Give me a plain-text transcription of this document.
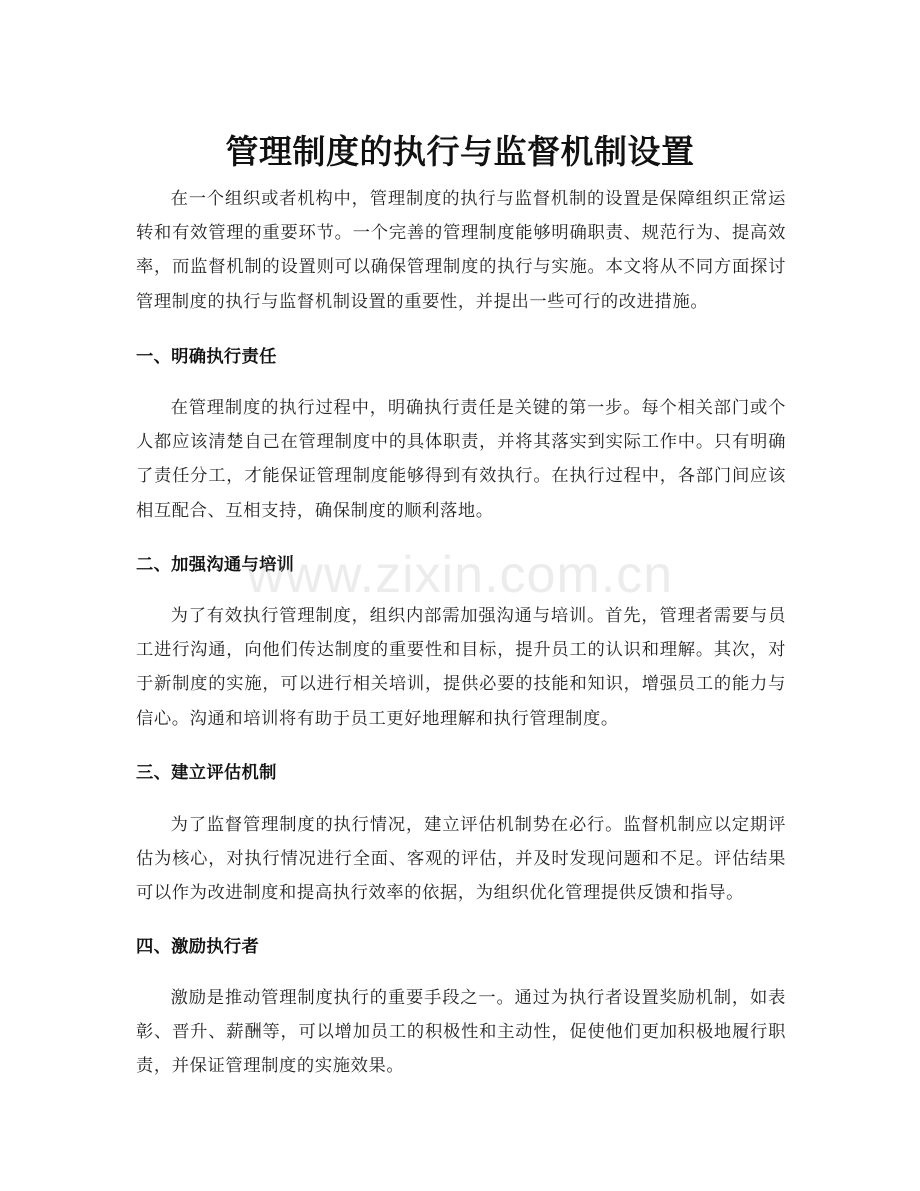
管理制度的执行与监督机制设置

在一个组织或者机构中，管理制度的执行与监督机制的设置是保障组织正常运转和有效管理的重要环节。一个完善的管理制度能够明确职责、规范行为、提高效率，而监督机制的设置则可以确保管理制度的执行与实施。本文将从不同方面探讨管理制度的执行与监督机制设置的重要性，并提出一些可行的改进措施。

一、明确执行责任

在管理制度的执行过程中，明确执行责任是关键的第一步。每个相关部门或个人都应该清楚自己在管理制度中的具体职责，并将其落实到实际工作中。只有明确了责任分工，才能保证管理制度能够得到有效执行。在执行过程中，各部门间应该相互配合、互相支持，确保制度的顺利落地。

二、加强沟通与培训

为了有效执行管理制度，组织内部需加强沟通与培训。首先，管理者需要与员工进行沟通，向他们传达制度的重要性和目标，提升员工的认识和理解。其次，对于新制度的实施，可以进行相关培训，提供必要的技能和知识，增强员工的能力与信心。沟通和培训将有助于员工更好地理解和执行管理制度。

三、建立评估机制

为了监督管理制度的执行情况，建立评估机制势在必行。监督机制应以定期评估为核心，对执行情况进行全面、客观的评估，并及时发现问题和不足。评估结果可以作为改进制度和提高执行效率的依据，为组织优化管理提供反馈和指导。

四、激励执行者

激励是推动管理制度执行的重要手段之一。通过为执行者设置奖励机制，如表彰、晋升、薪酬等，可以增加员工的积极性和主动性，促使他们更加积极地履行职责，并保证管理制度的实施效果。

www.zixin.com.cn
